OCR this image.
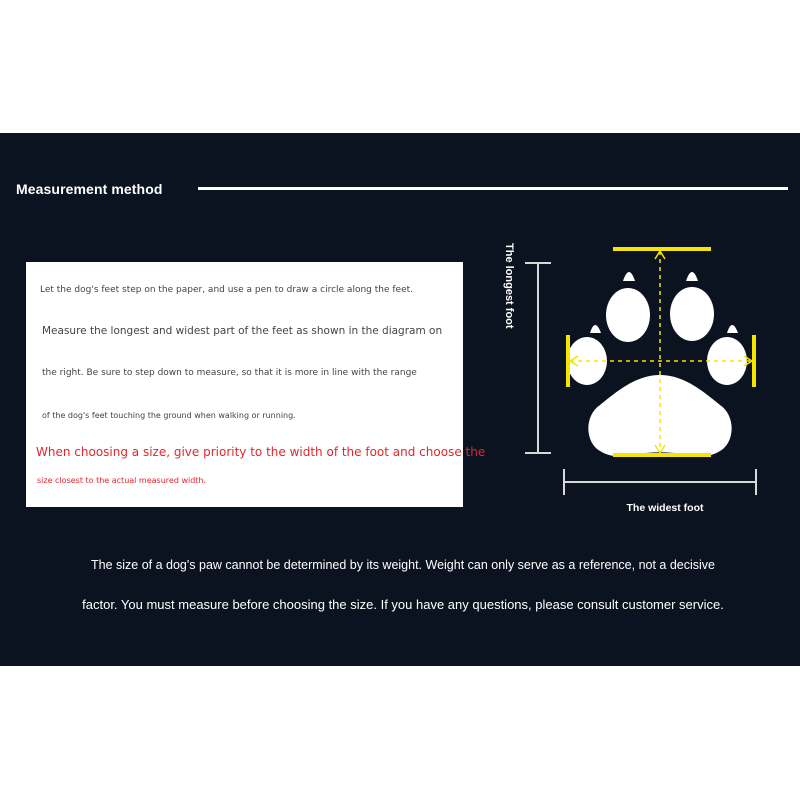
Measurement method
Let the dog's feet step on the paper, and use a pen to draw a circle along the feet.
Measure the longest and widest part of the feet as shown in the diagram on
the right. Be sure to step down to measure, so that it is more in line with the range
of the dog's feet touching the ground when walking or running.
When choosing a size, give priority to the width of the foot and choose the
size closest to the actual measured width.
The longest foot
The widest foot
The size of a dog's paw cannot be determined by its weight. Weight can only serve as a reference, not a decisive
factor. You must measure before choosing the size. If you have any questions, please consult customer service.
